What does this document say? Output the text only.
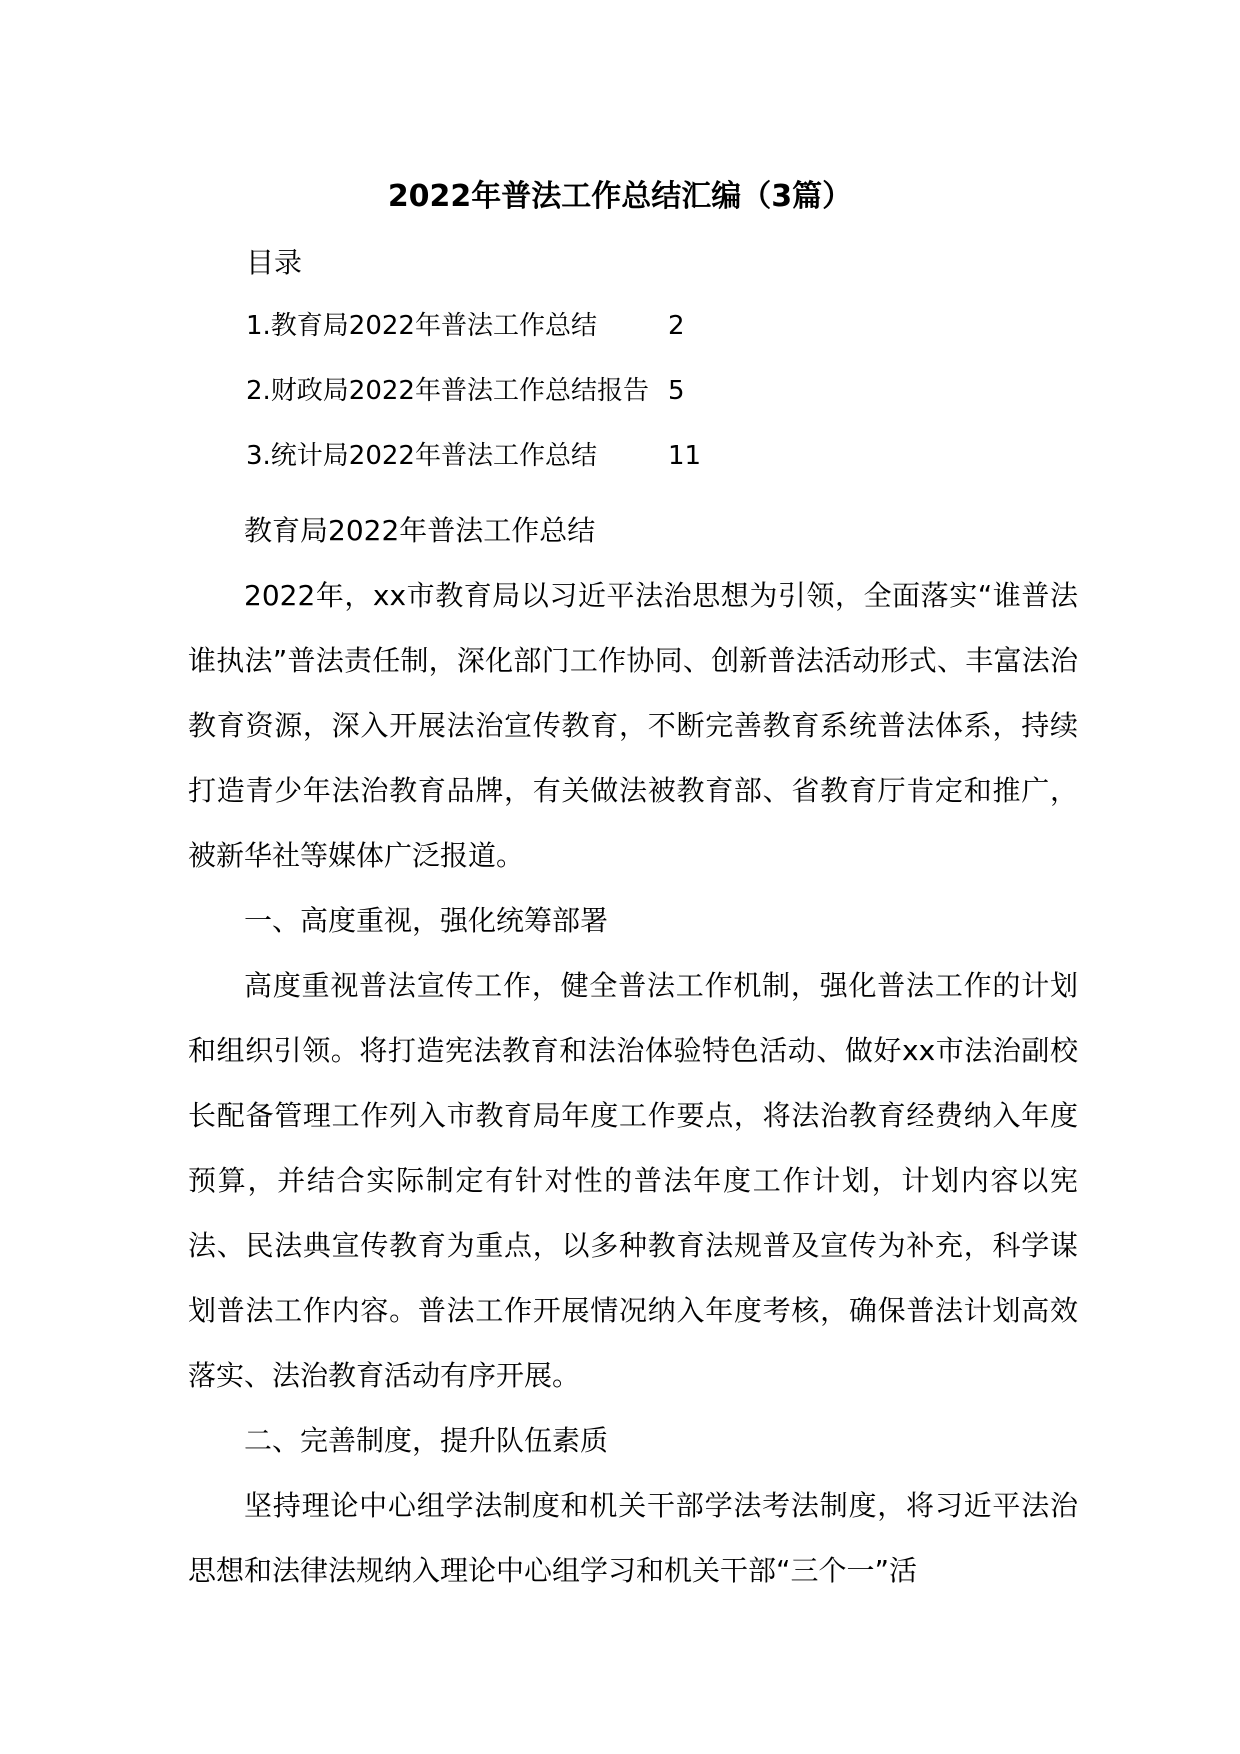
2022年普法工作总结汇编（3篇）
目录
1.教育局2022年普法工作总结	2
2.财政局2022年普法工作总结报告 5
3.统计局2022年普法工作总结	11

教育局2022年普法工作总结

2022年，xx市教育局以习近平法治思想为引领，全面落实“谁普法谁执法”普法责任制，深化部门工作协同、创新普法活动形式、丰富法治教育资源，深入开展法治宣传教育，不断完善教育系统普法体系，持续打造青少年法治教育品牌，有关做法被教育部、省教育厅肯定和推广，被新华社等媒体广泛报道。

一、高度重视，强化统筹部署

高度重视普法宣传工作，健全普法工作机制，强化普法工作的计划和组织引领。将打造宪法教育和法治体验特色活动、做好xx市法治副校长配备管理工作列入市教育局年度工作要点，将法治教育经费纳入年度预算，并结合实际制定有针对性的普法年度工作计划，计划内容以宪法、民法典宣传教育为重点，以多种教育法规普及宣传为补充，科学谋划普法工作内容。普法工作开展情况纳入年度考核，确保普法计划高效落实、法治教育活动有序开展。

二、完善制度，提升队伍素质

坚持理论中心组学法制度和机关干部学法考法制度，将习近平法治思想和法律法规纳入理论中心组学习和机关干部“三个一”活
